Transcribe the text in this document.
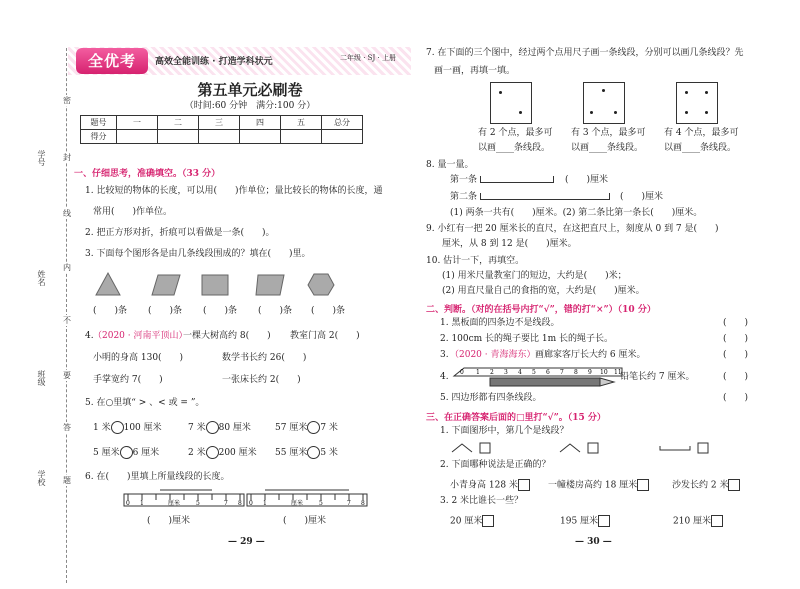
密
封
线
内
不
要
答
题
学号
姓名
班级
学校
全优考	高效全能训练 · 打造学科状元	二年级 · SJ · 上册
第五单元必刷卷
（时间:60 分钟　满分:100 分）
题号	一	二	三	四	五	总分
得分						
一、仔细思考，准确填空。（33 分）
1. 比较短的物体的长度，可以用(　　)作单位；量比较长的物体的长度，通
常用(　　)作单位。
2. 把正方形对折，折痕可以看做是一条(　　)。
3. 下面每个图形各是由几条线段围成的？填在(　　)里。
(　　)条 (　　)条 (　　)条 (　　)条 (　　)条
4. （2020 · 河南平顶山）
一棵大树高约 8(　　) 教室门高 2(　　)
小明的身高 130(　　)	数学书长约 26(　　)
手掌宽约 7(　　)	一张床长约 2(　　)
5. 在○里填“ > 、< 或 = ”。
1 米 100 厘米	7 米 80 厘米	57 厘米 7 米
5 厘米 6 厘米	2 米 200 厘米 55 厘米 5 米
6. 在(　　)里填上所量线段的长度。
0 1	厘米	5	7 8 0 1	厘米	5	7 8
(　　)厘米	(　　)厘米
— 29 —
7. 在下面的三个图中，经过两个点用尺子画一条线段，分别可以画几条线段？先
画一画，再填一填。
有 2 个点，最多可 有 3 个点，最多可 有 4 个点，最多可
以画____条线段。 以画____条线段。 以画____条线段。
8. 量一量。
第一条	(　　)厘米
第二条	(　　)厘米
(1) 两条一共有(　　)厘米。(2) 第二条比第一条长(　　)厘米。
9. 小红有一把 20 厘米长的直尺，在这把直尺上，刻度从 0 到 7 是(　　)
厘米，从 8 到 12 是(　　)厘米。
10. 估计一下，再填空。
(1) 用米尺量教室门的短边，大约是(　　)米；
(2) 用直尺量自己的食指的宽，大约是(　　)厘米。
二、判断。（对的在括号内打“√”，错的打“×”）（10 分）
1. 黑板面的四条边不是线段。	(　　)
2. 100cm 长的绳子要比 1m 长的绳子长。	(　　)
3. （2020 · 青海海东） 画廊家客厅长大约 6 厘米。	(　　)
4. 0 1 2 3 4 5 6 7 8 9 10 11
铅笔长约 7 厘米。	(　　)
5. 四边形都有四条线段。	(　　)
三、在正确答案后面的□里打“√”。（15 分）
1. 下面图形中，第几个是线段？
2. 下面哪种说法是正确的？
小青身高 128 米	一幢楼房高约 18 厘米	沙发长约 2 米
3. 2 米比谁长一些？
20 厘米	195 厘米	210 厘米
— 30 —
